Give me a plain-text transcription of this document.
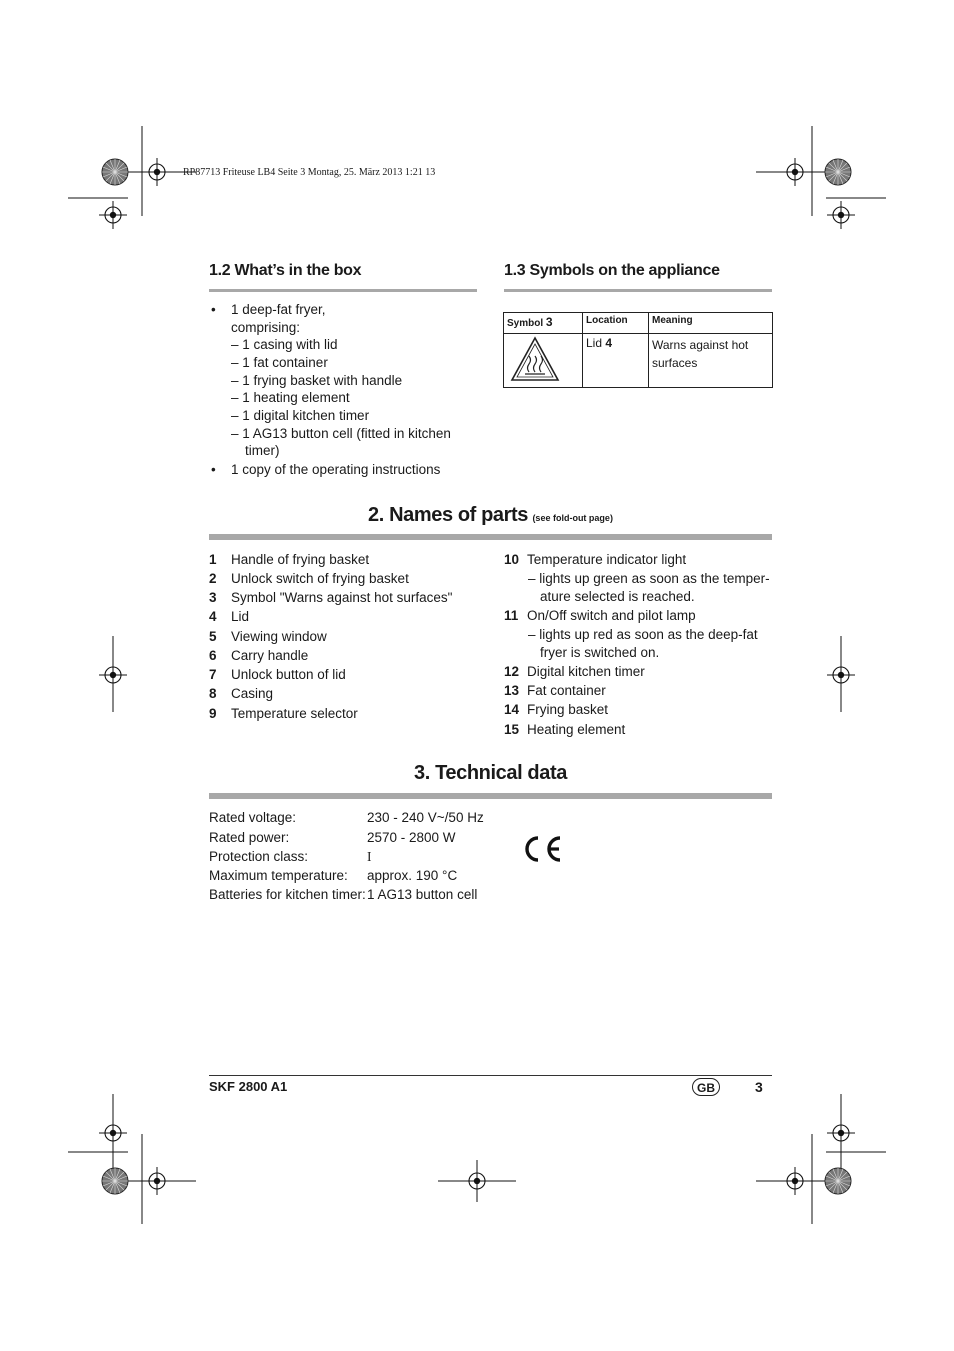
RP87713 Friteuse LB4 Seite 3 Montag, 25. März 2013 1:21 13
1.2 What’s in the box
• 1 deep-fat fryer,
comprising:
– 1 casing with lid
– 1 fat container
– 1 frying basket with handle
– 1 heating element
– 1 digital kitchen timer
– 1 AG13 button cell (fitted in kitchen
timer)
• 1 copy of the operating instructions
1.3 Symbols on the appliance
Symbol 3	Location	Meaning
	Lid 4	Warns against hot
surfaces
2. Names of parts (see fold-out page)
1 Handle of frying basket
2 Unlock switch of frying basket
3 Symbol "Warns against hot surfaces"
4 Lid
5 Viewing window
6 Carry handle
7 Unlock button of lid
8 Casing
9 Temperature selector
10 Temperature indicator light
– lights up green as soon as the temper-
ature selected is reached.
11 On/Off switch and pilot lamp
– lights up red as soon as the deep-fat
fryer is switched on.
12 Digital kitchen timer
13 Fat container
14 Frying basket
15 Heating element
3. Technical data
Rated voltage:	230 - 240 V~/50 Hz
Rated power:	2570 - 2800 W
Protection class:	I
Maximum temperature: approx. 190 °C
Batteries for kitchen timer: 1 AG13 button cell
SKF 2800 A1	GB	3
